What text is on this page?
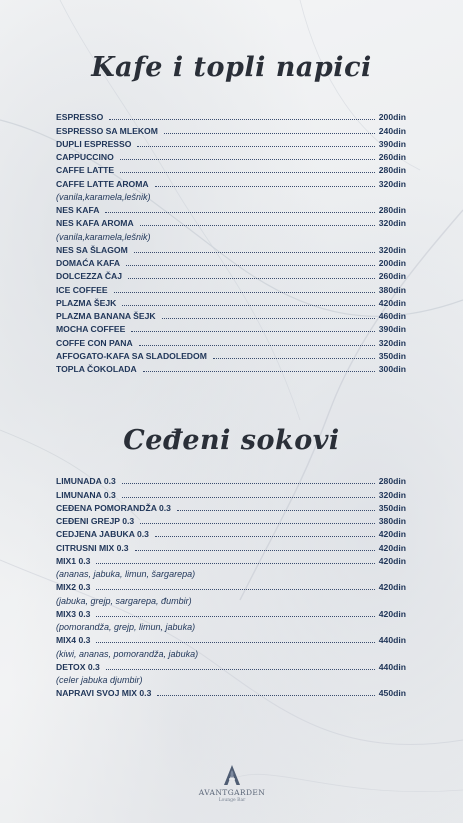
Kafe i topli napici
ESPRESSO	200din
ESPRESSO SA MLEKOM	240din
DUPLI ESPRESSO	390din
CAPPUCCINO	260din
CAFFE LATTE	280din
CAFFE LATTE AROMA	320din
(vanila,karamela,lešnik)
NES KAFA	280din
NES KAFA AROMA	320din
(vanila,karamela,lešnik)
NES SA ŠLAGOM	320din
DOMAĆA KAFA	200din
DOLCEZZA ČAJ	260din
ICE COFFEE	380din
PLAZMA ŠEJK	420din
PLAZMA BANANA ŠEJK	460din
MOCHA COFFEE	390din
COFFE CON PANA	320din
AFFOGATO-KAFA SA SLADOLEDOM	350din
TOPLA ČOKOLADA	300din
Ceđeni sokovi
LIMUNADA 0.3	280din
LIMUNANA 0.3	320din
CEĐENA POMORANDŽA 0.3	350din
CEĐENI GREJP 0.3	380din
CEDJENA JABUKA 0.3	420din
CITRUSNI MIX 0.3	420din
MIX1 0.3	420din
(ananas, jabuka, limun, šargarepa)
MIX2 0.3	420din
(jabuka, grejp, sargarepa, đumbir)
MIX3 0.3	420din
(pomorandža, grejp, limun, jabuka)
MIX4 0.3	440din
(kiwi, ananas, pomorandža, jabuka)
DETOX 0.3	440din
(celer jabuka djumbir)
NAPRAVI SVOJ MIX 0.3	450din
AVANTGARDEN
Lounge Bar
